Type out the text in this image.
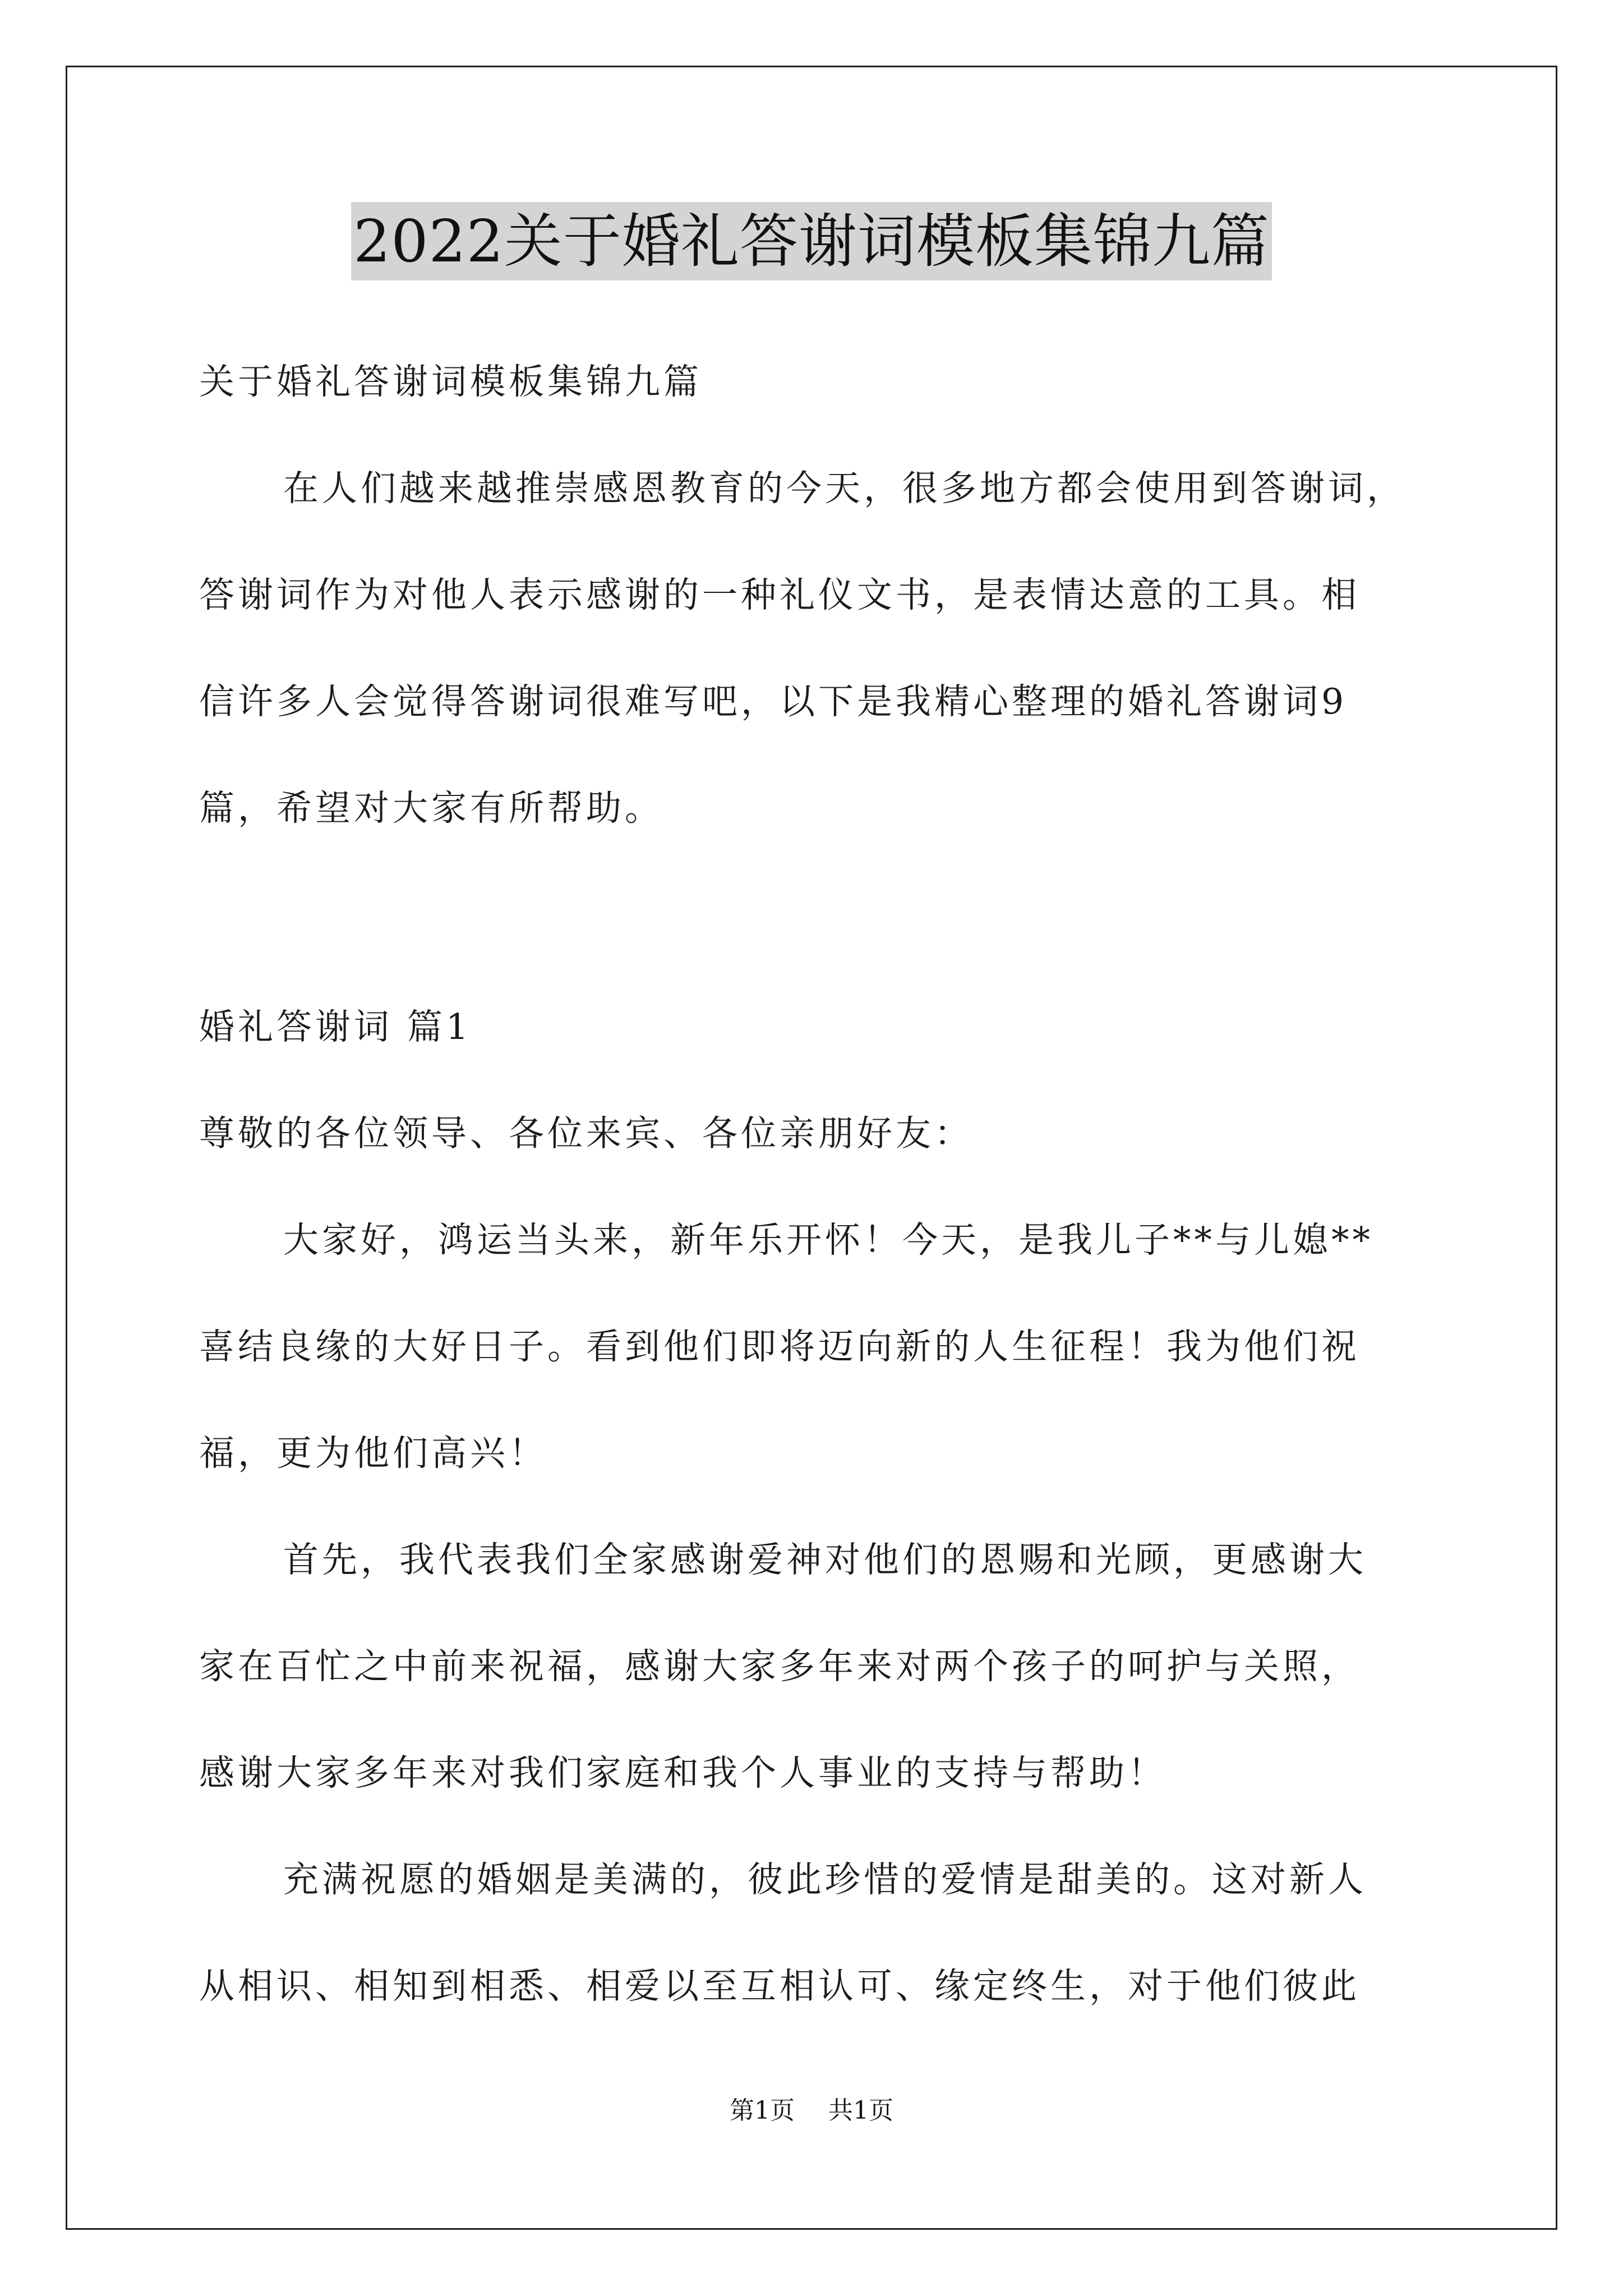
2022关于婚礼答谢词模板集锦九篇
关于婚礼答谢词模板集锦九篇
在人们越来越推崇感恩教育的今天，很多地方都会使用到答谢词，
答谢词作为对他人表示感谢的一种礼仪文书，是表情达意的工具。相
信许多人会觉得答谢词很难写吧，以下是我精心整理的婚礼答谢词9
篇，希望对大家有所帮助。
婚礼答谢词 篇1
尊敬的各位领导、各位来宾、各位亲朋好友：
大家好，鸿运当头来，新年乐开怀！今天，是我儿子**与儿媳**
喜结良缘的大好日子。看到他们即将迈向新的人生征程！我为他们祝
福，更为他们高兴！
首先，我代表我们全家感谢爱神对他们的恩赐和光顾，更感谢大
家在百忙之中前来祝福，感谢大家多年来对两个孩子的呵护与关照，
感谢大家多年来对我们家庭和我个人事业的支持与帮助！
充满祝愿的婚姻是美满的，彼此珍惜的爱情是甜美的。这对新人
从相识、相知到相悉、相爱以至互相认可、缘定终生，对于他们彼此
第1页 共1页
